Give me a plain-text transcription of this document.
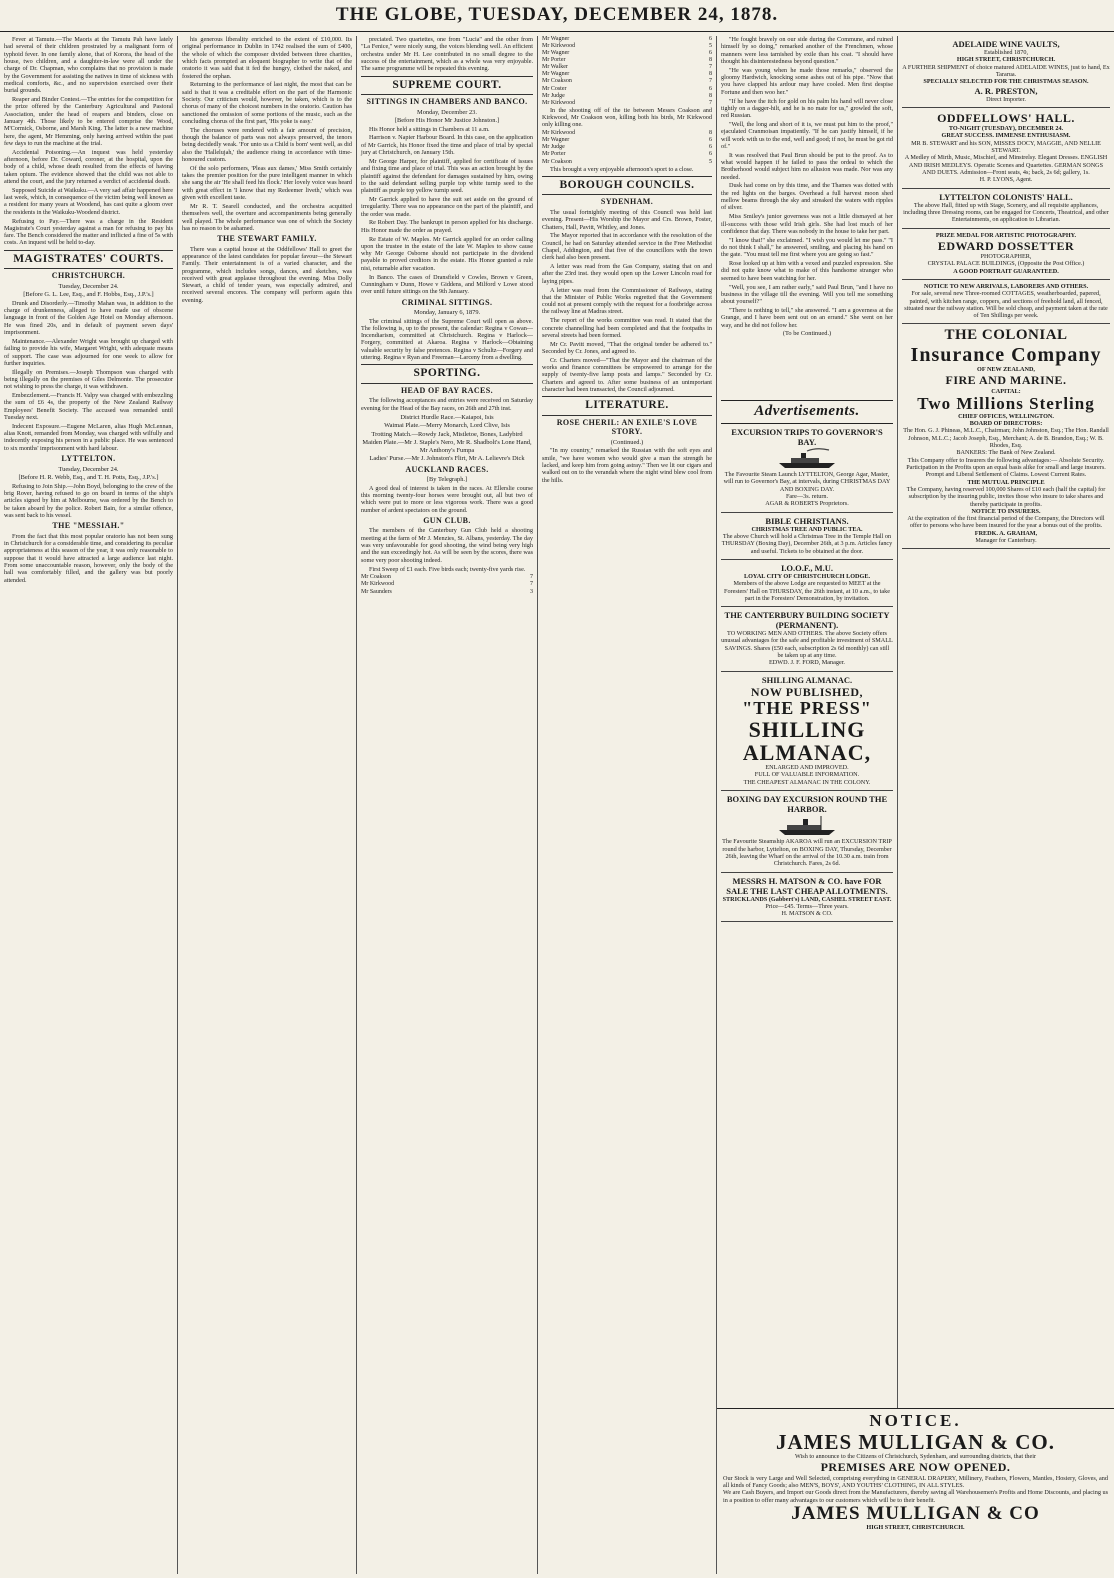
THE GLOBE, TUESDAY, DECEMBER 24, 1878.

Fever at Tamutu.—The Maoris at the Tamutu Pah have lately had several of their children prostrated by a malignant form of typhoid fever. In one family alone, that of Korora, the head of the house, two children, and a daughter-in-law were all under the charge of Dr. Chapman, who complains that no provision is made by the Government for assisting the natives in time of sickness with medical comforts, &c., and no supervision exercised over their burial grounds.

Reaper and Binder Contest.—The entries for the competition for the prize offered by the Canterbury Agricultural and Pastoral Association, under the head of reapers and binders, close on January 4th. Those likely to be entered comprise the Wood, M'Cormick, Osborne, and Marsh King. The latter is a new machine here, the agent, Mr Hemming, only having arrived within the past few days to run the machine at the trial.

Accidental Poisoning.—An inquest was held yesterday afternoon, before Dr. Coward, coroner, at the hospital, upon the body of a child, whose death resulted from the effects of having taken opium. The evidence showed that the child was not able to attend the court, and the jury returned a verdict of accidental death.

Supposed Suicide at Waikuku.—A very sad affair happened here last week, which, in consequence of the victim being well known as a resident for many years at Woodend, has cast quite a gloom over the residents in the Waikuku-Woodend district.

Refusing to Pay.—There was a charge in the Resident Magistrate's Court yesterday against a man for refusing to pay his fare. The Bench considered the matter and inflicted a fine of 5s with costs. An inquest will be held to-day.

MAGISTRATES' COURTS.
CHRISTCHURCH.
Tuesday, December 24.
[Before G. L. Lee, Esq., and F. Hobbs, Esq., J.P.'s.]

Drunk and Disorderly.—Timothy Mahan was, in addition to the charge of drunkenness, alleged to have made use of obscene language in front of the Golden Age Hotel on Monday afternoon. He was fined 20s, and in default of payment seven days' imprisonment.

Maintenance.—Alexander Wright was brought up charged with failing to provide his wife, Margaret Wright, with adequate means of support. The case was adjourned for one week to allow for further inquiries.

Illegally on Premises.—Joseph Thompson was charged with being illegally on the premises of Giles Delmonte. The prosecutor not wishing to press the charge, it was withdrawn.

Embezzlement.—Francis H. Valpy was charged with embezzling the sum of £6 4s, the property of the New Zealand Railway Employees' Benefit Society. The accused was remanded until Tuesday next.

Indecent Exposure.—Eugene McLaren, alias Hugh McLennan, alias Knott, remanded from Monday, was charged with wilfully and indecently exposing his person in a public place. He was sentenced to six months' imprisonment with hard labour.

LYTTELTON.
Tuesday, December 24.
[Before H. R. Webb, Esq., and T. H. Potts, Esq., J.P.'s.]

Refusing to Join Ship.—John Boyd, belonging to the crew of the brig Rover, having refused to go on board in terms of the ship's articles signed by him at Melbourne, was ordered by the Bench to be taken aboard by the police. Robert Bain, for a similar offence, was sent back to his vessel.

THE "MESSIAH."

From the fact that this most popular oratorio has not been sung in Christchurch for a considerable time, and considering its peculiar appropriateness at this season of the year, it was only reasonable to suppose that it would have attracted a large audience last night. From some unaccountable reason, however, only the body of the hall was comfortably filled, and the gallery was but poorly attended.

his generous liberality enriched to the extent of £10,000. Its original performance in Dublin in 1742 realised the sum of £400, the whole of which the composer divided between three charities, which facts prompted an eloquent biographer to write that of the oratorio it was said that it fed the hungry, clothed the naked, and fostered the orphan.

Returning to the performance of last night, the most that can be said is that it was a creditable effort on the part of the Harmonic Society. Our criticism would, however, be taken, which is to the chorus of many of the choicest numbers in the oratorio. Caution has sanctioned the omission of some portions of the music, such as the concluding chorus of the first part, 'His yoke is easy.'

The choruses were rendered with a fair amount of precision, though the balance of parts was not always preserved, the tenors being decidedly weak. 'For unto us a Child is born' went well, as did also the 'Hallelujah,' the audience rising in accordance with time-honoured custom.

Of the solo performers, 'Pleas aux dames,' Miss Smith certainly takes the premier position for the pure intelligent manner in which she sang the air 'He shall feed his flock.' Her lovely voice was heard with great effect in 'I know that my Redeemer liveth,' which was given with excellent taste.

Mr R. T. Searell conducted, and the orchestra acquitted themselves well, the overture and accompaniments being generally well played. The whole performance was one of which the Society has no reason to be ashamed.

THE STEWART FAMILY.

There was a capital house at the Oddfellows' Hall to greet the appearance of the latest candidates for popular favour—the Stewart Family. Their entertainment is of a varied character, and the programme, which includes songs, dances, and sketches, was received with great applause throughout the evening. Miss Dolly Stewart, a child of tender years, was especially admired, and received several encores. The company will perform again this evening.

preciated. Two quartettes, one from "Lucia" and the other from "La Fenice," were nicely sung, the voices blending well. An efficient orchestra under Mr H. Lee contributed in no small degree to the success of the entertainment, which as a whole was very enjoyable. The same programme will be repeated this evening.

SUPREME COURT.
SITTINGS IN CHAMBERS AND BANCO.
Monday, December 23.
[Before His Honor Mr Justice Johnston.]

His Honor held a sittings in Chambers at 11 a.m.

Harrison v. Napier Harbour Board. In this case, on the application of Mr Garrick, his Honor fixed the time and place of trial by special jury at Christchurch, on January 15th.

Mr George Harper, for plaintiff, applied for certificate of issues and fixing time and place of trial. This was an action brought by the plaintiff against the defendant for damages sustained by him, owing to the said defendant selling purple top white turnip seed to the plaintiff as purple top yellow turnip seed.

Mr Garrick applied to have the suit set aside on the ground of irregularity. There was no appearance on the part of the plaintiff, and the order was made.

Re Robert Day. The bankrupt in person applied for his discharge. His Honor made the order as prayed.

Re Estate of W. Maples. Mr Garrick applied for an order calling upon the trustee in the estate of the late W. Maples to show cause why Mr George Osborne should not participate in the dividend payable to proved creditors in the estate. His Honor granted a rule nisi, returnable after vacation.

In Banco. The cases of Dransfield v Cowles, Brown v Green, Cunningham v Dunn, Howe v Giddens, and Milford v Lowe stood over until future sittings on the 9th January.

CRIMINAL SITTINGS.
Monday, January 6, 1879.

The criminal sittings of the Supreme Court will open as above. The following is, up to the present, the calendar: Regina v Cowan—Incendiarism, committed at Christchurch. Regina v Harlock—Forgery, committed at Akaroa. Regina v Harlock—Obtaining valuable security by false pretences. Regina v Schultz—Forgery and uttering. Regina v Ryan and Freeman—Larceny from a dwelling.

SPORTING.
HEAD OF BAY RACES.

The following acceptances and entries were received on Saturday evening for the Head of the Bay races, on 26th and 27th inst.

District Hurdle Race.—Kaiapoi, Isis
Waimai Plate.—Merry Monarch, Lord Clive, Isis
Trotting Match.—Rowdy Jack, Mistletoe, Bones, Ladybird
Maiden Plate.—Mr J. Staple's Nero, Mr R. Shadbolt's Lone Hand, Mr Anthony's Fumpa
Ladies' Purse.—Mr J. Johnston's Flirt, Mr A. Lelievre's Dick
AUCKLAND RACES.
[By Telegraph.]

A good deal of interest is taken in the races. At Ellerslie course this morning twenty-four horses were brought out, all but two of which were put to more or less vigorous work. There was a good number of ardent spectators on the ground.

GUN CLUB.

The members of the Canterbury Gun Club held a shooting meeting at the farm of Mr J. Menzies, St. Albans, yesterday. The day was very unfavourable for good shooting, the wind being very high and the sun exceedingly hot. As will be seen by the scores, there was some very poor shooting indeed.

First Sweep of £1 each. Five birds each; twenty-five yards rise.

Mr Coakson	7
Mr Kirkwood	7
Mr Saunders	3
Mr Wagner	6
Mr Kirkwood	5
Mr Wagner	6
Mr Porter	8
Mr Walker	7
Mr Wagner	8
Mr Coakson	7
Mr Coster	6
Mr Judge	8
Mr Kirkwood	7

In the shooting off of the tie between Messrs Coakson and Kirkwood, Mr Coakson won, killing both his birds, Mr Kirkwood only killing one.

Mr Kirkwood	8
Mr Wagner	6
Mr Judge	6
Mr Porter	6
Mr Coakson	5

This brought a very enjoyable afternoon's sport to a close.

BOROUGH COUNCILS.
SYDENHAM.

The usual fortnightly meeting of this Council was held last evening. Present—His Worship the Mayor and Crs. Brown, Foster, Chatters, Hall, Pavitt, Whitley, and Jones.

The Mayor reported that in accordance with the resolution of the Council, he had on Saturday attended service in the Free Methodist Chapel, Addington, and that five of the councillors with the town clerk had also been present.

A letter was read from the Gas Company, stating that on and after the 23rd inst. they would open up the Lower Lincoln road for laying pipes.

A letter was read from the Commissioner of Railways, stating that the Minister of Public Works regretted that the Government could not at present comply with the request for a footbridge across the railway line at Madras street.

The report of the works committee was read. It stated that the concrete channelling had been completed and that the footpaths in several streets had been formed.

Mr Cr. Pavitt moved, "That the original tender be adhered to." Seconded by Cr. Jones, and agreed to.

Cr. Charters moved—"That the Mayor and the chairman of the works and finance committees be empowered to arrange for the supply of twenty-five lamp posts and lamps." Seconded by Cr. Charters and agreed to. After some business of an unimportant character had been transacted, the Council adjourned.

LITERATURE.
ROSE CHERIL: AN EXILE'S LOVE STORY.
(Continued.)

"In my country," remarked the Russian with the soft eyes and smile, "we have women who would give a man the strength he lacked, and keep him from going astray." Then we lit our cigars and walked out on to the verandah where the night wind blew cool from the hills.

"He fought bravely on our side during the Commune, and ruined himself by so doing," remarked another of the Frenchmen, whose manners were less tarnished by exile than his coat. "I should have thought his disinterestedness beyond question."

"He was young when he made those remarks," observed the gloomy Hardwich, knocking some ashes out of his pipe. "Now that you have clapped his ardour may have cooled. Men first despise Fortune and then woo her."

"If he have the itch for gold on his palm his hand will never close tightly on a dagger-hilt, and he is no mate for us," growled the soft, red Russian.

"Well, the long and short of it is, we must put him to the proof," ejaculated Cranmoisan impatiently. "If he can justify himself, if he will work with us to the end, well and good; if not, he must be got rid of."

It was resolved that Paul Brun should be put to the proof. As to what would happen if he failed to pass the ordeal to which the Brotherhood would subject him no allusion was made. Nor was any needed.

Dusk had come on by this time, and the Thames was dotted with the red lights on the barges. Overhead a full harvest moon shed mellow beams through the sky and streaked the waters with ripples of silver.

Miss Smiley's junior governess was not a little dismayed at her ill-success with those wild Irish girls. She had lost much of her confidence that day. There was nobody in the house to take her part.

"I know that!" she exclaimed. "I wish you would let me pass." "I do not think I shall," he answered, smiling, and placing his hand on the gate. "You must tell me first where you are going so fast."

Rose looked up at him with a vexed and puzzled expression. She did not quite know what to make of this handsome stranger who seemed to have been watching for her.

"Well, you see, I am rather early," said Paul Brun, "and I have no business in the village till the evening. Will you tell me something about yourself?"

"There is nothing to tell," she answered. "I am a governess at the Grange, and I have been sent out on an errand." She went on her way, and he did not follow her.

(To be Continued.)
Advertisements.
EXCURSION TRIPS TO GOVERNOR'S BAY.
The Favourite Steam Launch LYTTELTON, George Agar, Master, will run to Governor's Bay, at intervals, during CHRISTMAS DAY AND BOXING DAY.
Fare—3s. return.
AGAR & ROBERTS Proprietors.
BIBLE CHRISTIANS.
CHRISTMAS TREE AND PUBLIC TEA.
The above Church will hold a Christmas Tree in the Temple Hall on THURSDAY (Boxing Day), December 26th, at 3 p.m. Articles fancy and useful. Tickets to be obtained at the door.
I.O.O.F., M.U.
LOYAL CITY OF CHRISTCHURCH LODGE.
Members of the above Lodge are requested to MEET at the Foresters' Hall on THURSDAY, the 26th instant, at 10 a.m., to take part in the Foresters' Demonstration, by invitation.
THE CANTERBURY BUILDING SOCIETY (PERMANENT).
TO WORKING MEN AND OTHERS. The above Society offers unusual advantages for the safe and profitable investment of SMALL SAVINGS. Shares (£50 each, subscription 2s 6d monthly) can still be taken up at any time.
EDWD. J. F. FORD, Manager.
SHILLING ALMANAC.
NOW PUBLISHED,
"THE PRESS"
SHILLING
ALMANAC,
ENLARGED AND IMPROVED.
FULL OF VALUABLE INFORMATION.
THE CHEAPEST ALMANAC IN THE COLONY.
BOXING DAY EXCURSION ROUND THE HARBOR.
The Favourite Steamship AKAROA will run an EXCURSION TRIP round the harbor, Lyttelton, on BOXING DAY, Thursday, December 26th, leaving the Wharf on the arrival of the 10.30 a.m. train from Christchurch. Fares, 2s 6d.
MESSRS H. MATSON & CO. have FOR SALE THE LAST CHEAP ALLOTMENTS.
STRICKLANDS (Gabbert's) LAND, CASHEL STREET EAST.
Price—£45. Terms—Three years.
H. MATSON & CO.
ADELAIDE WINE VAULTS,
Established 1870,
HIGH STREET, CHRISTCHURCH.
A FURTHER SHIPMENT of choice matured ADELAIDE WINES, just to hand, Ex Tararua.
SPECIALLY SELECTED FOR THE CHRISTMAS SEASON.
A. R. PRESTON,
Direct Importer.
ODDFELLOWS' HALL.
TO-NIGHT (TUESDAY), DECEMBER 24.
GREAT SUCCESS. IMMENSE ENTHUSIASM.
MR B. STEWART and his SON, MISSES DOCY, MAGGIE, AND NELLIE STEWART.
A Medley of Mirth, Music, Mischief, and Minstrelsy. Elegant Dresses. ENGLISH AND IRISH MEDLEYS. Operatic Scenes and Quartettes. GERMAN SONGS AND DUETS. Admission—Front seats, 4s; back, 2s 6d; gallery, 1s.
H. P. LYONS, Agent.
LYTTELTON COLONISTS' HALL.
The above Hall, fitted up with Stage, Scenery, and all requisite appliances, including three Dressing rooms, can be engaged for Concerts, Theatrical, and other Entertainments, on application to Librarian.
PRIZE MEDAL FOR ARTISTIC PHOTOGRAPHY.
EDWARD DOSSETTER
PHOTOGRAPHER,
CRYSTAL PALACE BUILDINGS, (Opposite the Post Office.)
A GOOD PORTRAIT GUARANTEED.
NOTICE TO NEW ARRIVALS, LABORERS AND OTHERS.
For sale, several new Three-roomed COTTAGES, weatherboarded, papered, painted, with kitchen range, coppers, and sections of freehold land, all fenced, situated near the railway station. Will be sold cheap, and payment taken at the rate of Ten Shillings per week.
THE COLONIAL
Insurance Company
OF NEW ZEALAND,
FIRE AND MARINE.
CAPITAL:
Two Millions Sterling
CHIEF OFFICES, WELLINGTON.
BOARD OF DIRECTORS:
The Hon. G. J. Phineas, M.L.C., Chairman; John Johnston, Esq.; The Hon. Randall Johnson, M.L.C.; Jacob Joseph, Esq., Merchant; A. de B. Brandon, Esq.; W. B. Rhodes, Esq.
BANKERS: The Bank of New Zealand.
This Company offer to Insurers the following advantages:— Absolute Security. Participation in the Profits upon an equal basis alike for small and large insurers. Prompt and Liberal Settlement of Claims. Lowest Current Rates.
THE MUTUAL PRINCIPLE
The Company, having reserved 100,000 Shares of £10 each (half the capital) for subscription by the insuring public, invites those who insure to take shares and thereby participate in profits.
NOTICE TO INSURERS.
At the expiration of the first financial period of the Company, the Directors will offer to persons who have been insured for the year a bonus out of the profits.
FREDK. A. GRAHAM,
Manager for Canterbury.
NOTICE.
JAMES MULLIGAN & CO.
Wish to announce to the Citizens of Christchurch, Sydenham, and surrounding districts, that their
PREMISES ARE NOW OPENED.
Our Stock is very Large and Well Selected, comprising everything in GENERAL DRAPERY, Millinery, Feathers, Flowers, Mantles, Hosiery, Gloves, and all kinds of Fancy Goods; also MEN'S, BOYS', AND YOUTHS' CLOTHING, IN ALL STYLES.
We are Cash Buyers, and Import our Goods direct from the Manufacturers, thereby saving all Warehousemen's Profits and Home Discounts, and placing us in a position to offer many advantages to our customers which will be to their benefit.
JAMES MULLIGAN & CO
HIGH STREET, CHRISTCHURCH.
